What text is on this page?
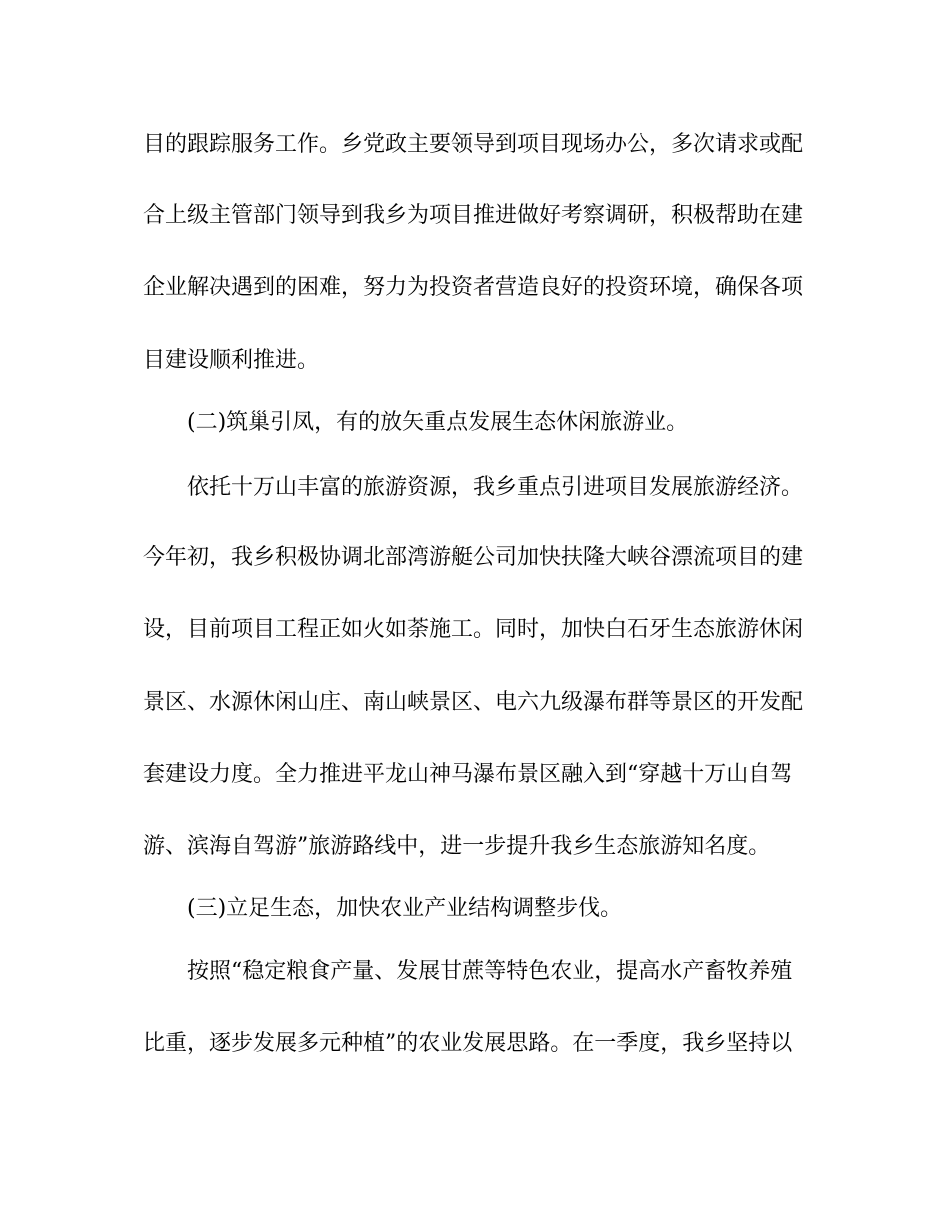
目的跟踪服务工作。乡党政主要领导到项目现场办公，多次请求或配
合上级主管部门领导到我乡为项目推进做好考察调研，积极帮助在建
企业解决遇到的困难，努力为投资者营造良好的投资环境，确保各项
目建设顺利推进。
(二)筑巢引凤，有的放矢重点发展生态休闲旅游业。
依托十万山丰富的旅游资源，我乡重点引进项目发展旅游经济。
今年初，我乡积极协调北部湾游艇公司加快扶隆大峡谷漂流项目的建
设，目前项目工程正如火如荼施工。同时，加快白石牙生态旅游休闲
景区、水源休闲山庄、南山峡景区、电六九级瀑布群等景区的开发配
套建设力度。全力推进平龙山神马瀑布景区融入到“穿越十万山自驾
游、滨海自驾游”旅游路线中，进一步提升我乡生态旅游知名度。
(三)立足生态，加快农业产业结构调整步伐。
按照“稳定粮食产量、发展甘蔗等特色农业，提高水产畜牧养殖
比重，逐步发展多元种植”的农业发展思路。在一季度，我乡坚持以
